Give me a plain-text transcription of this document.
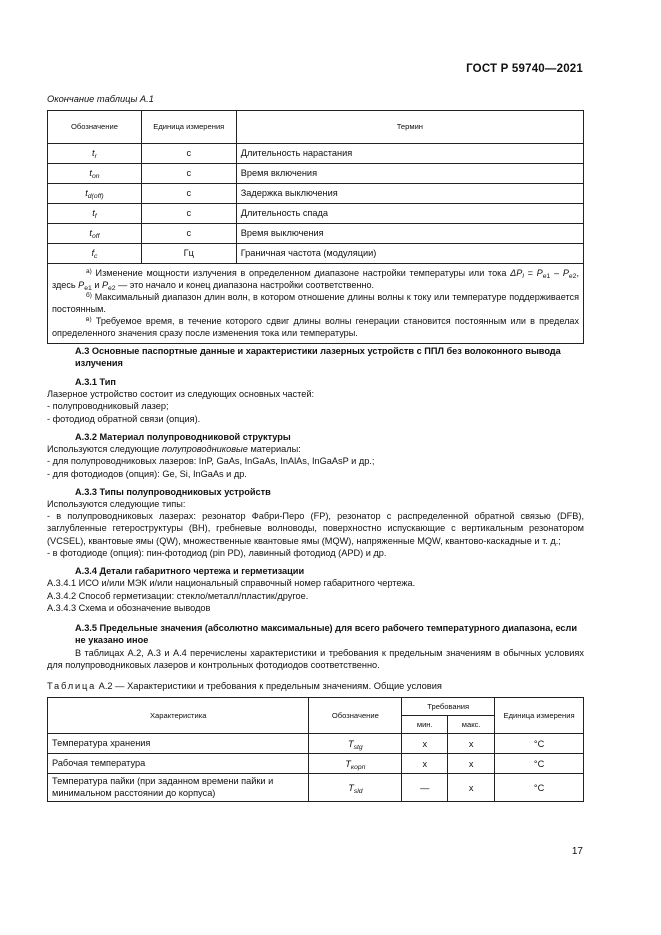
ГОСТ Р 59740—2021
Окончание таблицы А.1
Обозначение	Единица измерения	Термин
$t_r$	с	Длительность нарастания
$t_{on}$	с	Время включения
$t_{d(off)}$	с	Задержка выключения
$t_f$	с	Длительность спада
$t_{off}$	с	Время выключения
$f_c$	Гц	Граничная частота (модуляции)

$^{а)}$ Изменение мощности излучения в определенном диапазоне настройки температуры или тока $\Delta P_l = P_{e1} - P_{e2}$, здесь $P_{e1}$ и $P_{e2}$ — это начало и конец диапазона настройки соответственно.

$^{б)}$ Максимальный диапазон длин волн, в котором отношение длины волны к току или температуре поддерживается постоянным.

$^{в)}$ Требуемое время, в течение которого сдвиг длины волны генерации становится постоянным или в пределах определенного значения сразу после изменения тока или температуры.		

А.3 Основные паспортные данные и характеристики лазерных устройств с ППЛ без волоконного вывода излучения
А.3.1 Тип
Лазерное устройство состоит из следующих основных частей:
- полупроводниковый лазер;
- фотодиод обратной связи (опция).
А.3.2 Материал полупроводниковой структуры
Используются следующие полупроводниковые материалы:
- для полупроводниковых лазеров: InP, GaAs, InGaAs, InAlAs, InGaAsP и др.;
- для фотодиодов (опция): Ge, Si, InGaAs и др.
А.3.3 Типы полупроводниковых устройств
Используются следующие типы:
- в полупроводниковых лазерах: резонатор Фабри-Перо (FP), резонатор с распределенной обратной связью (DFB), заглубленные гетероструктуры (ВН), гребневые волноводы, поверхностно испускающие с вертикальным резонатором (VCSEL), квантовые ямы (QW), множественные квантовые ямы (MQW), напряженные MQW, квантово-каскадные и т. д.;
- в фотодиоде (опция): пин-фотодиод (pin PD), лавинный фотодиод (APD) и др.
А.3.4 Детали габаритного чертежа и герметизации
А.3.4.1 ИСО и/или МЭК и/или национальный справочный номер габаритного чертежа.
А.3.4.2 Способ герметизации: стекло/металл/пластик/другое.
А.3.4.3 Схема и обозначение выводов
А.3.5 Предельные значения (абсолютно максимальные) для всего рабочего температурного диапазона, если не указано иное
В таблицах А.2, А.3 и А.4 перечислены характеристики и требования к предельным значениям в обычных условиях для полупроводниковых лазеров и контрольных фотодиодов соответственно.
Таблица А.2 — Характеристики и требования к предельным значениям. Общие условия
Характеристика	Обозначение	Требования		Единица измерения
		мин.	макс.	
Температура хранения	$T_{stg}$	x	x	°С
Рабочая температура	$T_{корп}$	x	x	°С
Температура пайки (при заданном времени пайки и минимальном расстоянии до корпуса)	$T_{sld}$	—	x	°С
17
